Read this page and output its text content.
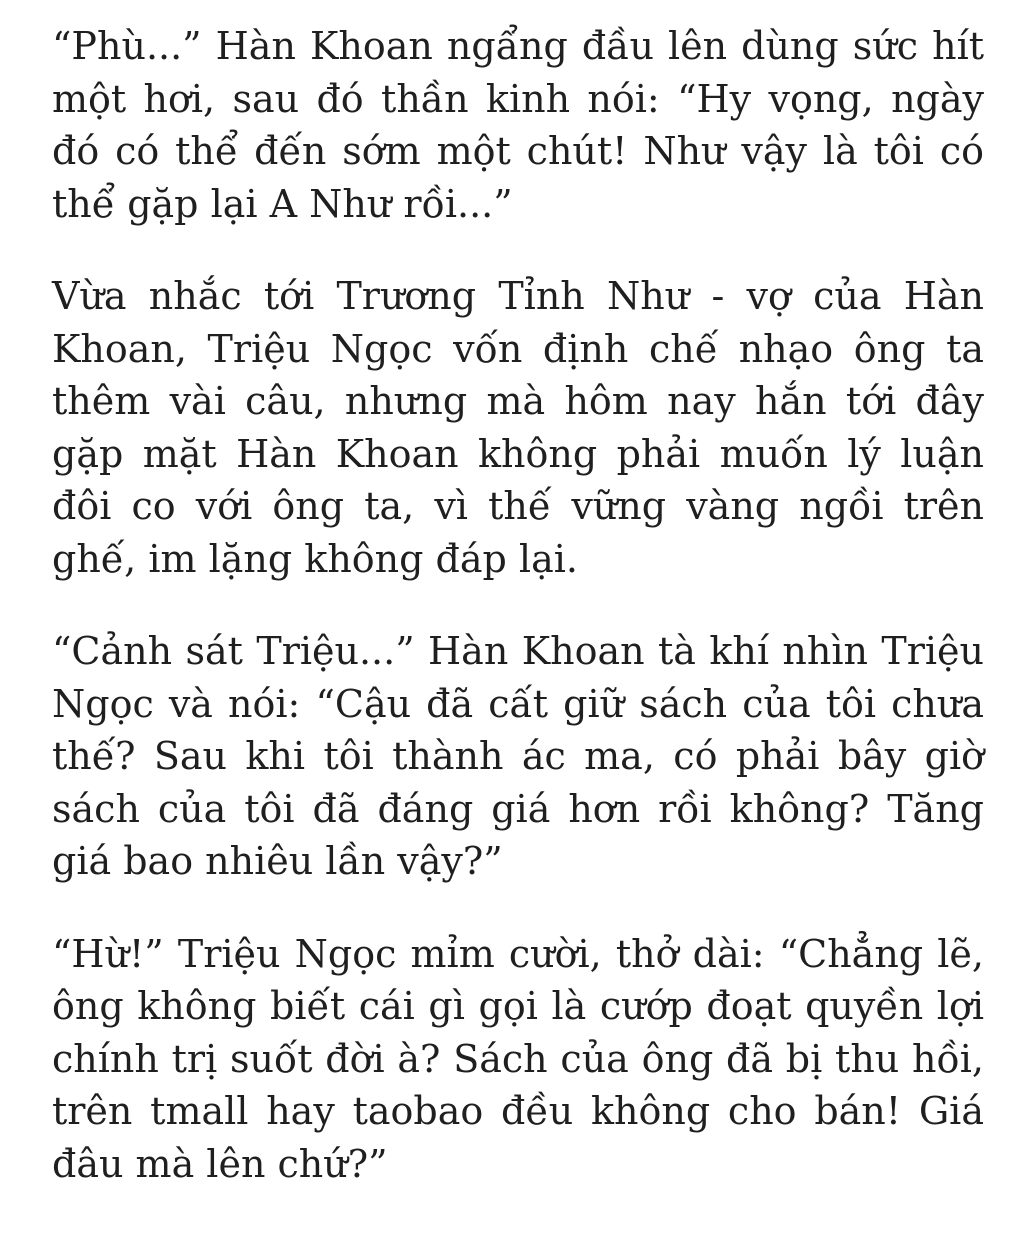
“Phù...” Hàn Khoan ngẩng đầu lên dùng sức hít một hơi, sau đó thần kinh nói: “Hy vọng, ngày đó có thể đến sớm một chút! Như vậy là tôi có thể gặp lại A Như rồi...”

Vừa nhắc tới Trương Tỉnh Như - vợ của Hàn Khoan, Triệu Ngọc vốn định chế nhạo ông ta thêm vài câu, nhưng mà hôm nay hắn tới đây gặp mặt Hàn Khoan không phải muốn lý luận đôi co với ông ta, vì thế vững vàng ngồi trên ghế, im lặng không đáp lại.

“Cảnh sát Triệu...” Hàn Khoan tà khí nhìn Triệu Ngọc và nói: “Cậu đã cất giữ sách của tôi chưa thế? Sau khi tôi thành ác ma, có phải bây giờ sách của tôi đã đáng giá hơn rồi không? Tăng giá bao nhiêu lần vậy?”

“Hừ!” Triệu Ngọc mỉm cười, thở dài: “Chẳng lẽ, ông không biết cái gì gọi là cướp đoạt quyền lợi chính trị suốt đời à? Sách của ông đã bị thu hồi, trên tmall hay taobao đều không cho bán! Giá đâu mà lên chứ?”
